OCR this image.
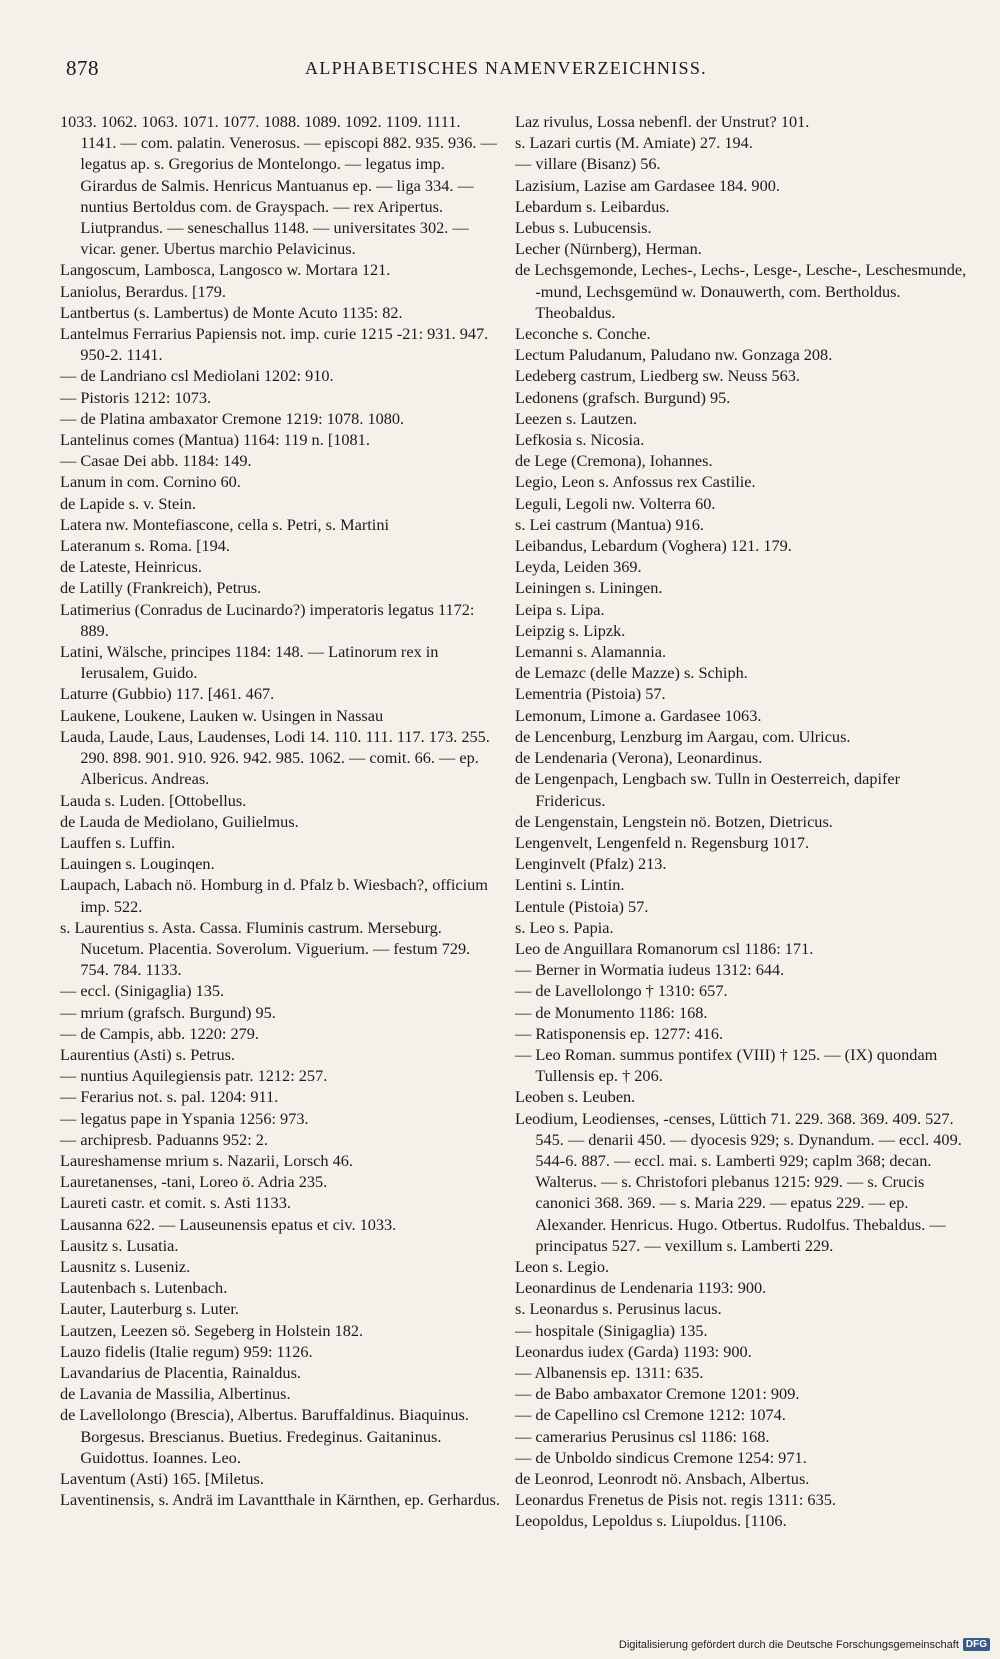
878	ALPHABETISCHES NAMENVERZEICHNISS.

1033. 1062. 1063. 1071. 1077. 1088. 1089. 1092. 1109. 1111. 1141. — com. palatin. Venerosus. — episcopi 882. 935. 936. — legatus ap. s. Gregorius de Montelongo. — legatus imp. Girardus de Salmis. Henricus Mantuanus ep. — liga 334. — nuntius Bertoldus com. de Grayspach. — rex Aripertus. Liutprandus. — seneschallus 1148. — universitates 302. — vicar. gener. Ubertus marchio Pelavicinus.

Langoscum, Lambosca, Langosco w. Mortara 121.

Laniolus, Berardus. [179.

Lantbertus (s. Lambertus) de Monte Acuto 1135: 82.

Lantelmus Ferrarius Papiensis not. imp. curie 1215 -21: 931. 947. 950-2. 1141.

— de Landriano csl Mediolani 1202: 910.

— Pistoris 1212: 1073.

— de Platina ambaxator Cremone 1219: 1078. 1080.

Lantelinus comes (Mantua) 1164: 119 n. [1081.

— Casae Dei abb. 1184: 149.

Lanum in com. Cornino 60.

de Lapide s. v. Stein.

Latera nw. Montefiascone, cella s. Petri, s. Martini

Lateranum s. Roma. [194.

de Lateste, Heinricus.

de Latilly (Frankreich), Petrus.

Latimerius (Conradus de Lucinardo?) imperatoris legatus 1172: 889.

Latini, Wälsche, principes 1184: 148. — Latinorum rex in Ierusalem, Guido.

Laturre (Gubbio) 117. [461. 467.

Laukene, Loukene, Lauken w. Usingen in Nassau

Lauda, Laude, Laus, Laudenses, Lodi 14. 110. 111. 117. 173. 255. 290. 898. 901. 910. 926. 942. 985. 1062. — comit. 66. — ep. Albericus. Andreas.

Lauda s. Luden. [Ottobellus.

de Lauda de Mediolano, Guilielmus.

Lauffen s. Luffin.

Lauingen s. Louginqen.

Laupach, Labach nö. Homburg in d. Pfalz b. Wiesbach?, officium imp. 522.

s. Laurentius s. Asta. Cassa. Fluminis castrum. Merseburg. Nucetum. Placentia. Soverolum. Viguerium. — festum 729. 754. 784. 1133.

— eccl. (Sinigaglia) 135.

— mrium (grafsch. Burgund) 95.

— de Campis, abb. 1220: 279.

Laurentius (Asti) s. Petrus.

— nuntius Aquilegiensis patr. 1212: 257.

— Ferarius not. s. pal. 1204: 911.

— legatus pape in Yspania 1256: 973.

— archipresb. Paduanns 952: 2.

Laureshamense mrium s. Nazarii, Lorsch 46.

Lauretanenses, -tani, Loreo ö. Adria 235.

Laureti castr. et comit. s. Asti 1133.

Lausanna 622. — Lauseunensis epatus et civ. 1033.

Lausitz s. Lusatia.

Lausnitz s. Luseniz.

Lautenbach s. Lutenbach.

Lauter, Lauterburg s. Luter.

Lautzen, Leezen sö. Segeberg in Holstein 182.

Lauzo fidelis (Italie regum) 959: 1126.

Lavandarius de Placentia, Rainaldus.

de Lavania de Massilia, Albertinus.

de Lavellolongo (Brescia), Albertus. Baruffaldinus. Biaquinus. Borgesus. Brescianus. Buetius. Fredeginus. Gaitaninus. Guidottus. Ioannes. Leo.

Laventum (Asti) 165. [Miletus.

Laventinensis, s. Andrä im Lavantthale in Kärnthen, ep. Gerhardus.

Laz rivulus, Lossa nebenfl. der Unstrut? 101.

s. Lazari curtis (M. Amiate) 27. 194.

— villare (Bisanz) 56.

Lazisium, Lazise am Gardasee 184. 900.

Lebardum s. Leibardus.

Lebus s. Lubucensis.

Lecher (Nürnberg), Herman.

de Lechsgemonde, Leches-, Lechs-, Lesge-, Lesche-, Leschesmunde, -mund, Lechsgemünd w. Donauwerth, com. Bertholdus. Theobaldus.

Leconche s. Conche.

Lectum Paludanum, Paludano nw. Gonzaga 208.

Ledeberg castrum, Liedberg sw. Neuss 563.

Ledonens (grafsch. Burgund) 95.

Leezen s. Lautzen.

Lefkosia s. Nicosia.

de Lege (Cremona), Iohannes.

Legio, Leon s. Anfossus rex Castilie.

Leguli, Legoli nw. Volterra 60.

s. Lei castrum (Mantua) 916.

Leibandus, Lebardum (Voghera) 121. 179.

Leyda, Leiden 369.

Leiningen s. Liningen.

Leipa s. Lipa.

Leipzig s. Lipzk.

Lemanni s. Alamannia.

de Lemazc (delle Mazze) s. Schiph.

Lementria (Pistoia) 57.

Lemonum, Limone a. Gardasee 1063.

de Lencenburg, Lenzburg im Aargau, com. Ulricus.

de Lendenaria (Verona), Leonardinus.

de Lengenpach, Lengbach sw. Tulln in Oesterreich, dapifer Fridericus.

de Lengenstain, Lengstein nö. Botzen, Dietricus.

Lengenvelt, Lengenfeld n. Regensburg 1017.

Lenginvelt (Pfalz) 213.

Lentini s. Lintin.

Lentule (Pistoia) 57.

s. Leo s. Papia.

Leo de Anguillara Romanorum csl 1186: 171.

— Berner in Wormatia iudeus 1312: 644.

— de Lavellolongo † 1310: 657.

— de Monumento 1186: 168.

— Ratisponensis ep. 1277: 416.

— Leo Roman. summus pontifex (VIII) † 125. — (IX) quondam Tullensis ep. † 206.

Leoben s. Leuben.

Leodium, Leodienses, -censes, Lüttich 71. 229. 368. 369. 409. 527. 545. — denarii 450. — dyocesis 929; s. Dynandum. — eccl. 409. 544-6. 887. — eccl. mai. s. Lamberti 929; caplm 368; decan. Walterus. — s. Christofori plebanus 1215: 929. — s. Crucis canonici 368. 369. — s. Maria 229. — epatus 229. — ep. Alexander. Henricus. Hugo. Otbertus. Rudolfus. Thebaldus. — principatus 527. — vexillum s. Lamberti 229.

Leon s. Legio.

Leonardinus de Lendenaria 1193: 900.

s. Leonardus s. Perusinus lacus.

— hospitale (Sinigaglia) 135.

Leonardus iudex (Garda) 1193: 900.

— Albanensis ep. 1311: 635.

— de Babo ambaxator Cremone 1201: 909.

— de Capellino csl Cremone 1212: 1074.

— camerarius Perusinus csl 1186: 168.

— de Unboldo sindicus Cremone 1254: 971.

de Leonrod, Leonrodt nö. Ansbach, Albertus.

Leonardus Frenetus de Pisis not. regis 1311: 635.

Leopoldus, Lepoldus s. Liupoldus. [1106.

Digitalisierung gefördert durch die Deutsche Forschungsgemeinschaft DFG
